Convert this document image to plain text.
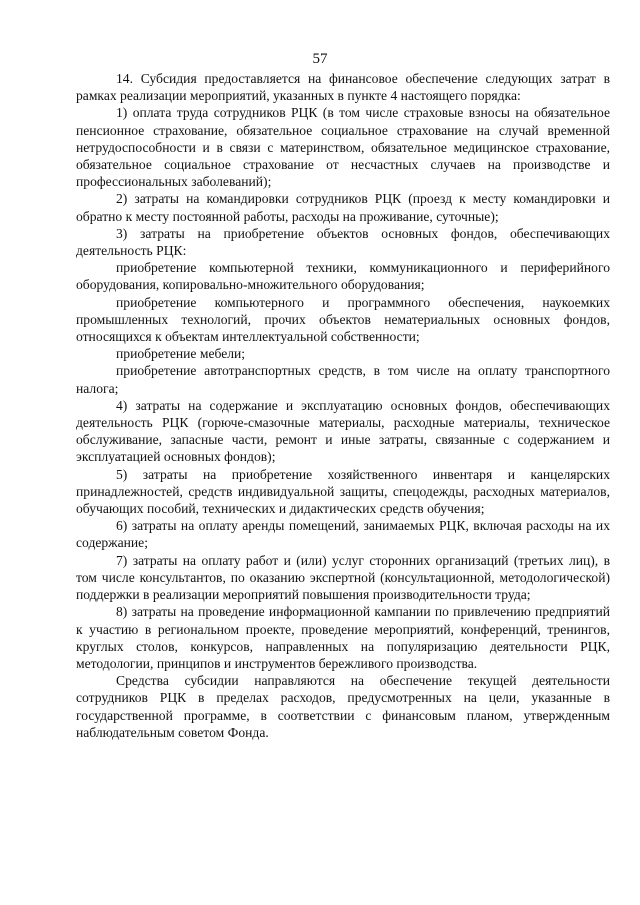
57

14. Субсидия предоставляется на финансовое обеспечение следующих затрат в рамках реализации мероприятий, указанных в пункте 4 настоящего порядка:

1) оплата труда сотрудников РЦК (в том числе страховые взносы на обязательное пенсионное страхование, обязательное социальное страхование на случай временной нетрудоспособности и в связи с материнством, обязательное медицинское страхование, обязательное социальное страхование от несчастных случаев на производстве и профессиональных заболеваний);

2) затраты на командировки сотрудников РЦК (проезд к месту командировки и обратно к месту постоянной работы, расходы на проживание, суточные);

3) затраты на приобретение объектов основных фондов, обеспечивающих деятельность РЦК:

приобретение компьютерной техники, коммуникационного и периферийного оборудования, копировально-множительного оборудования;

приобретение компьютерного и программного обеспечения, наукоемких промышленных технологий, прочих объектов нематериальных основных фондов, относящихся к объектам интеллектуальной собственности;

приобретение мебели;

приобретение автотранспортных средств, в том числе на оплату транспортного налога;

4) затраты на содержание и эксплуатацию основных фондов, обеспечивающих деятельность РЦК (горюче-смазочные материалы, расходные материалы, техническое обслуживание, запасные части, ремонт и иные затраты, связанные с содержанием и эксплуатацией основных фондов);

5) затраты на приобретение хозяйственного инвентаря и канцелярских принадлежностей, средств индивидуальной защиты, спецодежды, расходных материалов, обучающих пособий, технических и дидактических средств обучения;

6) затраты на оплату аренды помещений, занимаемых РЦК, включая расходы на их содержание;

7) затраты на оплату работ и (или) услуг сторонних организаций (третьих лиц), в том числе консультантов, по оказанию экспертной (консультационной, методологической) поддержки в реализации мероприятий повышения производительности труда;

8) затраты на проведение информационной кампании по привлечению предприятий к участию в региональном проекте, проведение мероприятий, конференций, тренингов, круглых столов, конкурсов, направленных на популяризацию деятельности РЦК, методологии, принципов и инструментов бережливого производства.

Средства субсидии направляются на обеспечение текущей деятельности сотрудников РЦК в пределах расходов, предусмотренных на цели, указанные в государственной программе, в соответствии с финансовым планом, утвержденным наблюдательным советом Фонда.
